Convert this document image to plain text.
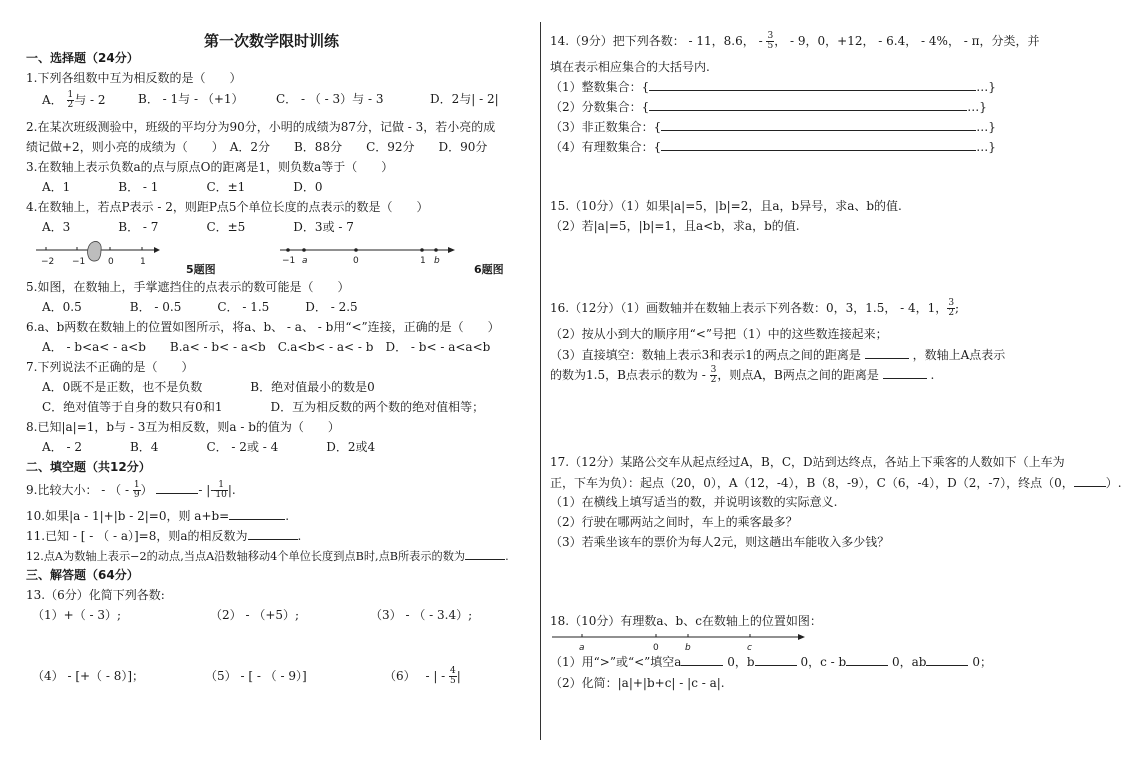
第一次数学限时训练
一、选择题（24分）
1.下列各组数中互为相反数的是（　　）
A． $\frac{1}{2}$ 与 - 2	B． - 1与 - （+1）	C． - （ - 3）与 - 3	D．2与| - 2|
2.在某次班级测验中，班级的平均分为90分，小明的成绩为87分，记做 - 3，若小亮的成
绩记做+2，则小亮的成绩为（　　）　A．2分　　B．88分　　C．92分　　D．90分
3.在数轴上表示负数a的点与原点O的距离是1，则负数a等于（　　）
A．1　　　　B． - 1　　　　C．±1　　　　D．0
4.在数轴上，若点P表示 - 2，则距P点5个单位长度的点表示的数是（　　）
A．3　　　　B． - 7　　　　C．±5　　　　D．3或 - 7
−2 −1	0	1
5题图
−1 a	0	1 b
6题图
5.如图，在数轴上，手掌遮挡住的点表示的数可能是（　　）
A．0.5　　　　B． - 0.5　　　C． - 1.5　　　D． - 2.5
6.a、b两数在数轴上的位置如图所示，将a、b、 - a、 - b用“<”连接，正确的是（　　）
A． - b<a< - a<b　　B.a< - b< - a<b　C.a<b< - a< - b　D． - b< - a<a<b
7.下列说法不正确的是（　　）
A．0既不是正数，也不是负数　　　　B．绝对值最小的数是0
C．绝对值等于自身的数只有0和1　　　　D．互为相反数的两个数的绝对值相等；
8.已知|a|=1，b与 - 3互为相反数，则a - b的值为（　　）
A． - 2　　　　B．4　　　　C． - 2或 - 4　　　　D．2或4
二、填空题（共12分）
9.比较大小： - （ - $\frac{1}{9}$ ）	- |- $\frac{1}{10}$ |.
10.如果|a - 1|+|b - 2|=0，则 a+b=	.
11.已知 - [ - （ - a）]=8，则a的相反数为	.
12.点A为数轴上表示−2的动点,当点A沿数轴移动4个单位长度到点B时,点B所表示的数为	.
三、解答题（64分）
13.（6分）化简下列各数:
（1）+（ - 3）;	（2） - （+5）;	（3） - （ - 3.4）;
（4） - [+（ - 8）]；	（5） - [ - （ - 9）]	（6）　 - | - $\frac{4}{5}$ |
14.（9分）把下列各数： - 11，8.6， - $\frac{3}{5}$ ， - 9，0，+12， - 6.4， - 4%， - π，分类，并
填在表示相应集合的大括号内.
（1）整数集合：{	…}
（2）分数集合：{	…}
（3）非正数集合：{	…}
（4）有理数集合：{	…}
15.（10分）（1）如果|a|=5，|b|=2，且a，b异号，求a、b的值.
（2）若|a|=5，|b|=1，且a<b，求a，b的值.
16.（12分）（1）画数轴并在数轴上表示下列各数：0，3，1.5， - 4，1， $\frac{3}{2}$ ;
（2）按从小到大的顺序用“<”号把（1）中的这些数连接起来；
（3）直接填空：数轴上表示3和表示1的两点之间的距离是	，数轴上A点表示
的数为1.5，B点表示的数为 - $\frac{3}{2}$ ，则点A，B两点之间的距离是	.
17.（12分）某路公交车从起点经过A，B，C，D站到达终点，各站上下乘客的人数如下（上车为
正，下车为负）：起点（20，0），A（12，-4），B（8，-9），C（6，-4），D（2，-7），终点（0，	）.
（1）在横线上填写适当的数，并说明该数的实际意义.
（2）行驶在哪两站之间时，车上的乘客最多？
（3）若乘坐该车的票价为每人2元，则这趟出车能收入多少钱？
18.（10分）有理数a、b、c在数轴上的位置如图：
a	0	b	c
（1）用“>”或“<”填空a	0，b	0，c - b	0，ab	0；
（2）化简：|a|+|b+c| - |c - a|.
